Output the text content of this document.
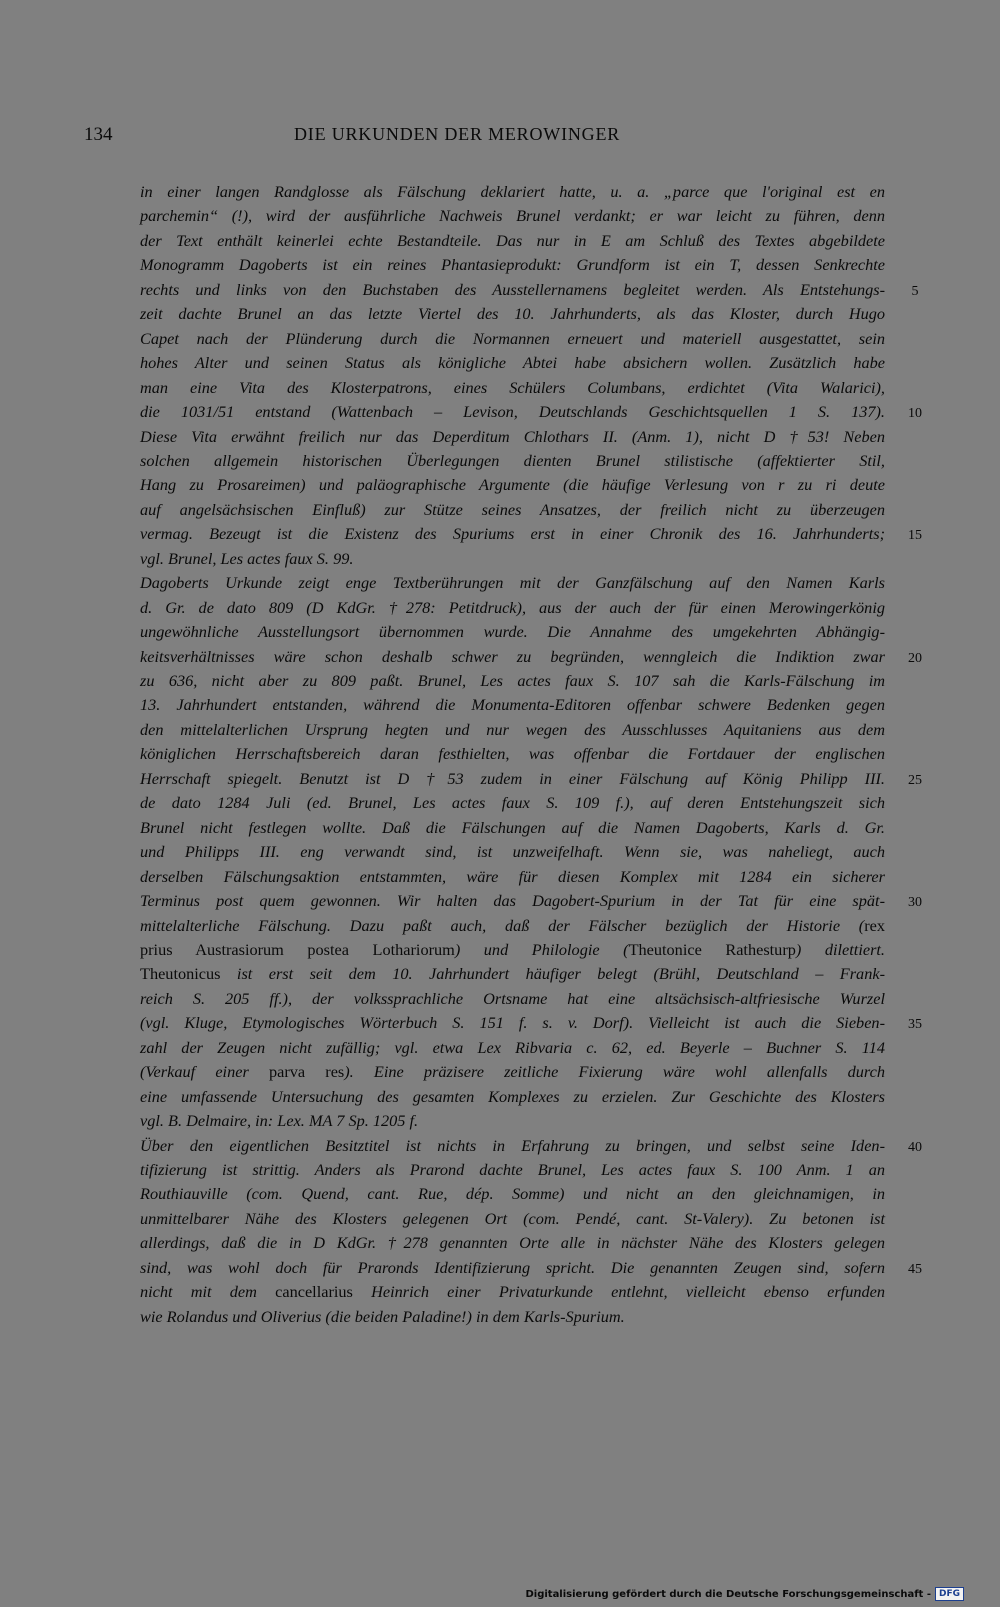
134	DIE URKUNDEN DER MEROWINGER
in einer langen Randglosse als Fälschung deklariert hatte, u. a. „parce que l'original est en
parchemin“ (!), wird der ausführliche Nachweis Brunel verdankt; er war leicht zu führen, denn
der Text enthält keinerlei echte Bestandteile. Das nur in E am Schluß des Textes abgebildete
Monogramm Dagoberts ist ein reines Phantasieprodukt: Grundform ist ein T, dessen Senkrechte
rechts und links von den Buchstaben des Ausstellernamens begleitet werden. Als Entstehungs-
zeit dachte Brunel an das letzte Viertel des 10. Jahrhunderts, als das Kloster, durch Hugo
Capet nach der Plünderung durch die Normannen erneuert und materiell ausgestattet, sein
hohes Alter und seinen Status als königliche Abtei habe absichern wollen. Zusätzlich habe
man eine Vita des Klosterpatrons, eines Schülers Columbans, erdichtet (Vita Walarici),
die 1031/51 entstand (Wattenbach – Levison, Deutschlands Geschichtsquellen 1 S. 137).
Diese Vita erwähnt freilich nur das Deperditum Chlothars II. (Anm. 1), nicht D †53! Neben
solchen allgemein historischen Überlegungen dienten Brunel stilistische (affektierter Stil,
Hang zu Prosareimen) und paläographische Argumente (die häufige Verlesung von r zu ri deute
auf angelsächsischen Einfluß) zur Stütze seines Ansatzes, der freilich nicht zu überzeugen
vermag. Bezeugt ist die Existenz des Spuriums erst in einer Chronik des 16. Jahrhunderts;
vgl. Brunel, Les actes faux S. 99.
Dagoberts Urkunde zeigt enge Textberührungen mit der Ganzfälschung auf den Namen Karls
d. Gr. de dato 809 (D KdGr. †278: Petitdruck), aus der auch der für einen Merowingerkönig
ungewöhnliche Ausstellungsort übernommen wurde. Die Annahme des umgekehrten Abhängig-
keitsverhältnisses wäre schon deshalb schwer zu begründen, wenngleich die Indiktion zwar
zu 636, nicht aber zu 809 paßt. Brunel, Les actes faux S. 107 sah die Karls-Fälschung im
13. Jahrhundert entstanden, während die Monumenta-Editoren offenbar schwere Bedenken gegen
den mittelalterlichen Ursprung hegten und nur wegen des Ausschlusses Aquitaniens aus dem
königlichen Herrschaftsbereich daran festhielten, was offenbar die Fortdauer der englischen
Herrschaft spiegelt. Benutzt ist D †53 zudem in einer Fälschung auf König Philipp III.
de dato 1284 Juli (ed. Brunel, Les actes faux S. 109 f.), auf deren Entstehungszeit sich
Brunel nicht festlegen wollte. Daß die Fälschungen auf die Namen Dagoberts, Karls d. Gr.
und Philipps III. eng verwandt sind, ist unzweifelhaft. Wenn sie, was naheliegt, auch
derselben Fälschungsaktion entstammten, wäre für diesen Komplex mit 1284 ein sicherer
Terminus post quem gewonnen. Wir halten das Dagobert-Spurium in der Tat für eine spät-
mittelalterliche Fälschung. Dazu paßt auch, daß der Fälscher bezüglich der Historie (rex
prius Austrasiorum postea Lothariorum) und Philologie (Theutonice Rathesturp) dilettiert.
Theutonicus ist erst seit dem 10. Jahrhundert häufiger belegt (Brühl, Deutschland – Frank-
reich S. 205 ff.), der volkssprachliche Ortsname hat eine altsächsisch-altfriesische Wurzel
(vgl. Kluge, Etymologisches Wörterbuch S. 151 f. s. v. Dorf). Vielleicht ist auch die Sieben-
zahl der Zeugen nicht zufällig; vgl. etwa Lex Ribvaria c. 62, ed. Beyerle – Buchner S. 114
(Verkauf einer parva res). Eine präzisere zeitliche Fixierung wäre wohl allenfalls durch
eine umfassende Untersuchung des gesamten Komplexes zu erzielen. Zur Geschichte des Klosters
vgl. B. Delmaire, in: Lex. MA 7 Sp. 1205 f.
Über den eigentlichen Besitztitel ist nichts in Erfahrung zu bringen, und selbst seine Iden-
tifizierung ist strittig. Anders als Prarond dachte Brunel, Les actes faux S. 100 Anm. 1 an
Routhiauville (com. Quend, cant. Rue, dép. Somme) und nicht an den gleichnamigen, in
unmittelbarer Nähe des Klosters gelegenen Ort (com. Pendé, cant. St-Valery). Zu betonen ist
allerdings, daß die in D KdGr. †278 genannten Orte alle in nächster Nähe des Klosters gelegen
sind, was wohl doch für Praronds Identifizierung spricht. Die genannten Zeugen sind, sofern
nicht mit dem cancellarius Heinrich einer Privaturkunde entlehnt, vielleicht ebenso erfunden
wie Rolandus und Oliverius (die beiden Paladine!) in dem Karls-Spurium.
5
10
15
20
25
30
35
40
45
Digitalisierung gefördert durch die Deutsche Forschungsgemeinschaft - DFG
